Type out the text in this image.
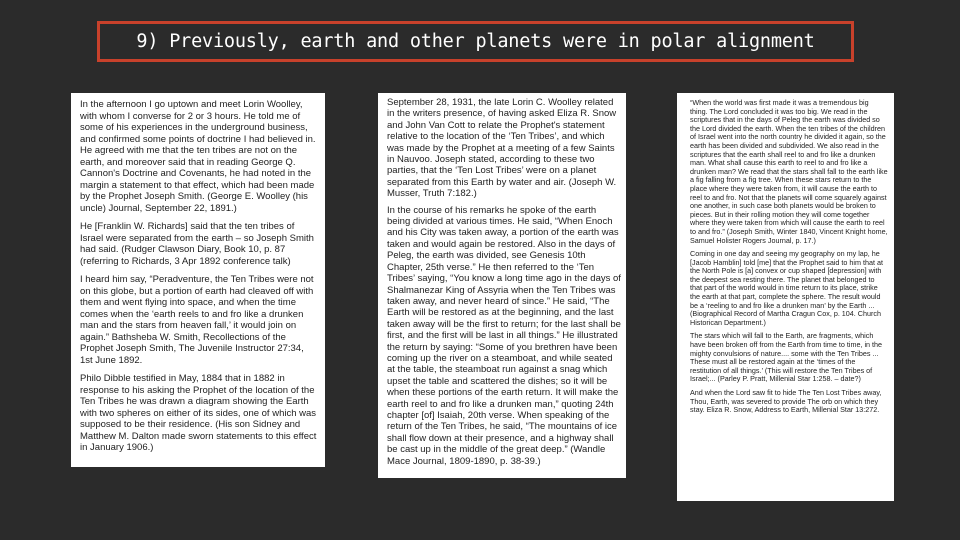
9) Previously, earth and other planets were in polar alignment

In the afternoon I go uptown and meet Lorin Woolley, with whom I converse for 2 or 3 hours. He told me of some of his experiences in the underground business, and confirmed some points of doctrine I had believed in. He agreed with me that the ten tribes are not on the earth, and moreover said that in reading George Q. Cannon's Doctrine and Covenants, he had noted in the margin a statement to that effect, which had been made by the Prophet Joseph Smith. (George E. Woolley (his uncle) Journal, September 22, 1891.)

He [Franklin W. Richards] said that the ten tribes of Israel were separated from the earth – so Joseph Smith had said. (Rudger Clawson Diary, Book 10, p. 87 (referring to Richards, 3 Apr 1892 conference talk)

I heard him say, “Peradventure, the Ten Tribes were not on this globe, but a portion of earth had cleaved off with them and went flying into space, and when the time comes when the ‘earth reels to and fro like a drunken man and the stars from heaven fall,’ it would join on again.” Bathsheba W. Smith, Recollections of the Prophet Joseph Smith, The Juvenile Instructor 27:34, 1st June 1892.

Philo Dibble testified in May, 1884 that in 1882 in response to his asking the Prophet of the location of the Ten Tribes he was drawn a diagram showing the Earth with two spheres on either of its sides, one of which was supposed to be their residence. (His son Sidney and Matthew M. Dalton made sworn statements to this effect in January 1906.)

September 28, 1931, the late Lorin C. Woolley related in the writers presence, of having asked Eliza R. Snow and John Van Cott to relate the Prophet's statement relative to the location of the ‘Ten Tribes’, and which was made by the Prophet at a meeting of a few Saints in Nauvoo. Joseph stated, according to these two parties, that the ‘Ten Lost Tribes’ were on a planet separated from this Earth by water and air. (Joseph W. Musser, Truth 7:182.)

In the course of his remarks he spoke of the earth being divided at various times. He said, “When Enoch and his City was taken away, a portion of the earth was taken and would again be restored. Also in the days of Peleg, the earth was divided, see Genesis 10th Chapter, 25th verse.” He then referred to the ‘Ten Tribes’ saying, “You know a long time ago in the days of Shalmanezar King of Assyria when the Ten Tribes was taken away, and never heard of since.” He said, “The Earth will be restored as at the beginning, and the last taken away will be the first to return; for the last shall be first, and the first will be last in all things.” He illustrated the return by saying: “Some of you brethren have been coming up the river on a steamboat, and while seated at the table, the steamboat run against a snag which upset the table and scattered the dishes; so it will be when these portions of the earth return. It will make the earth reel to and fro like a drunken man,” quoting 24th chapter [of] Isaiah, 20th verse. When speaking of the return of the Ten Tribes, he said, “The mountains of ice shall flow down at their presence, and a highway shall be cast up in the middle of the great deep.” (Wandle Mace Journal, 1809-1890, p. 38-39.)

“When the world was first made it was a tremendous big thing. The Lord concluded it was too big. We read in the scriptures that in the days of Peleg the earth was divided so the Lord divided the earth. When the ten tribes of the children of Israel went into the north country he divided it again, so the earth has been divided and subdivided. We also read in the scriptures that the earth shall reel to and fro like a drunken man. What shall cause this earth to reel to and fro like a drunken man? We read that the stars shall fall to the earth like a fig falling from a fig tree. When these stars return to the place where they were taken from, it will cause the earth to reel to and fro. Not that the planets will come squarely against one another, in such case both planets would be broken to pieces. But in their rolling motion they will come together where they were taken from which will cause the earth to reel to and fro.” (Joseph Smith, Winter 1840, Vincent Knight home, Samuel Holister Rogers Journal, p. 17.)

Coming in one day and seeing my geography on my lap, he [Jacob Hamblin] told [me] that the Prophet said to him that at the North Pole is [a] convex or cup shaped [depression] with the deepest sea resting there. The planet that belonged to that part of the world would in time return to its place, strike the earth at that part, complete the sphere. The result would be a ‘reeling to and fro like a drunken man’ by the Earth ... (Biographical Record of Martha Cragun Cox, p. 104. Church Historican Department.)

The stars which will fall to the Earth, are fragments, which have been broken off from the Earth from time to time, in the mighty convulsions of nature.... some with the Ten Tribes ... These must all be restored again at the ‘times of the restitution of all things.’ (This will restore the Ten Tribes of Israel;... (Parley P. Pratt, Millenial Star 1:258. – date?)

And when the Lord saw fit to hide The Ten Lost Tribes away, Thou, Earth, was severed to provide The orb on which they stay. Eliza R. Snow, Address to Earth, Millenial Star 13:272.
